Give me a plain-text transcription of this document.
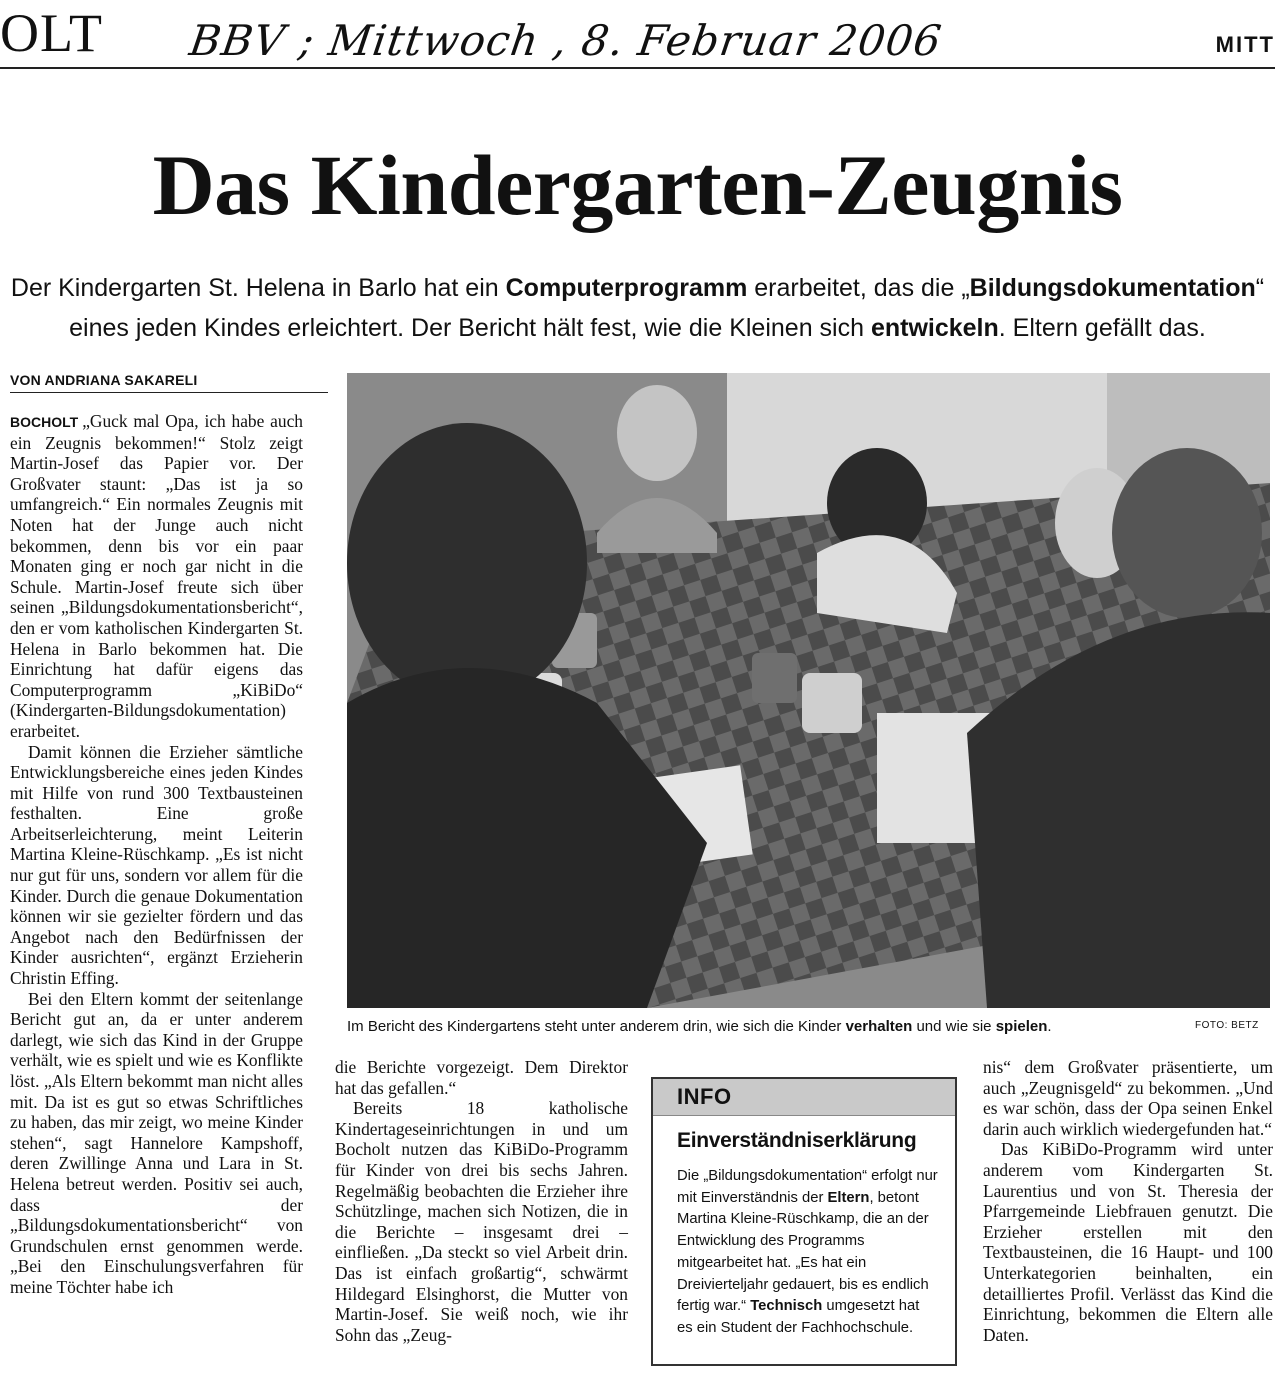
OLT BBV ; Mittwoch , 8. Februar 2006	MITT
Das Kindergarten-Zeugnis
Der Kindergarten St. Helena in Barlo hat ein Computerprogramm erarbeitet, das die „Bildungsdokumentation“
eines jeden Kindes erleichtert. Der Bericht hält fest, wie die Kleinen sich entwickeln. Eltern gefällt das.
VON ANDRIANA SAKARELI

BOCHOLT „Guck mal Opa, ich habe auch ein Zeugnis bekommen!“ Stolz zeigt Martin-Josef das Papier vor. Der Großvater staunt: „Das ist ja so umfangreich.“ Ein normales Zeugnis mit Noten hat der Junge auch nicht bekommen, denn bis vor ein paar Monaten ging er noch gar nicht in die Schule. Martin-Josef freute sich über seinen „Bildungsdokumentationsbericht“, den er vom katholischen Kindergarten St. Helena in Barlo bekommen hat. Die Einrichtung hat dafür eigens das Computerprogramm „KiBiDo“ (Kindergarten-Bildungsdokumentation) erarbeitet.

Damit können die Erzieher sämtliche Entwicklungsbereiche eines jeden Kindes mit Hilfe von rund 300 Textbausteinen festhalten. Eine große Arbeitserleichterung, meint Leiterin Martina Kleine-Rüschkamp. „Es ist nicht nur gut für uns, sondern vor allem für die Kinder. Durch die genaue Dokumentation können wir sie gezielter fördern und das Angebot nach den Bedürfnissen der Kinder ausrichten“, ergänzt Erzieherin Christin Effing.

Bei den Eltern kommt der seitenlange Bericht gut an, da er unter anderem darlegt, wie sich das Kind in der Gruppe verhält, wie es spielt und wie es Konflikte löst. „Als Eltern bekommt man nicht alles mit. Da ist es gut so etwas Schriftliches zu haben, das mir zeigt, wo meine Kinder stehen“, sagt Hannelore Kampshoff, deren Zwillinge Anna und Lara in St. Helena betreut werden. Positiv sei auch, dass der „Bildungsdokumentationsbericht“ von Grundschulen ernst genommen werde. „Bei den Einschulungsverfahren für meine Töchter habe ich

Im Bericht des Kindergartens steht unter anderem drin, wie sich die Kinder verhalten und wie sie spielen.	FOTO: BETZ

die Berichte vorgezeigt. Dem Direktor hat das gefallen.“

Bereits 18 katholische Kindertageseinrichtungen in und um Bocholt nutzen das KiBiDo-Programm für Kinder von drei bis sechs Jahren. Regelmäßig beobachten die Erzieher ihre Schützlinge, machen sich Notizen, die in die Berichte – insgesamt drei – einfließen. „Da steckt so viel Arbeit drin. Das ist einfach großartig“, schwärmt Hildegard Elsinghorst, die Mutter von Martin-Josef. Sie weiß noch, wie ihr Sohn das „Zeug-

INFO
Einverständniserklärung
Die „Bildungsdokumentation“ erfolgt nur mit Einverständnis der Eltern, betont Martina Kleine-Rüschkamp, die an der Entwicklung des Programms mitgearbeitet hat. „Es hat ein Dreivierteljahr gedauert, bis es endlich fertig war.“ Technisch umgesetzt hat es ein Student der Fachhochschule.

nis“ dem Großvater präsentierte, um auch „Zeugnisgeld“ zu bekommen. „Und es war schön, dass der Opa seinen Enkel darin auch wirklich wiedergefunden hat.“

Das KiBiDo-Programm wird unter anderem vom Kindergarten St. Laurentius und von St. Theresia der Pfarrgemeinde Liebfrauen genutzt. Die Erzieher erstellen mit den Textbausteinen, die 16 Haupt- und 100 Unterkategorien beinhalten, ein detailliertes Profil. Verlässt das Kind die Einrichtung, bekommen die Eltern alle Daten.
